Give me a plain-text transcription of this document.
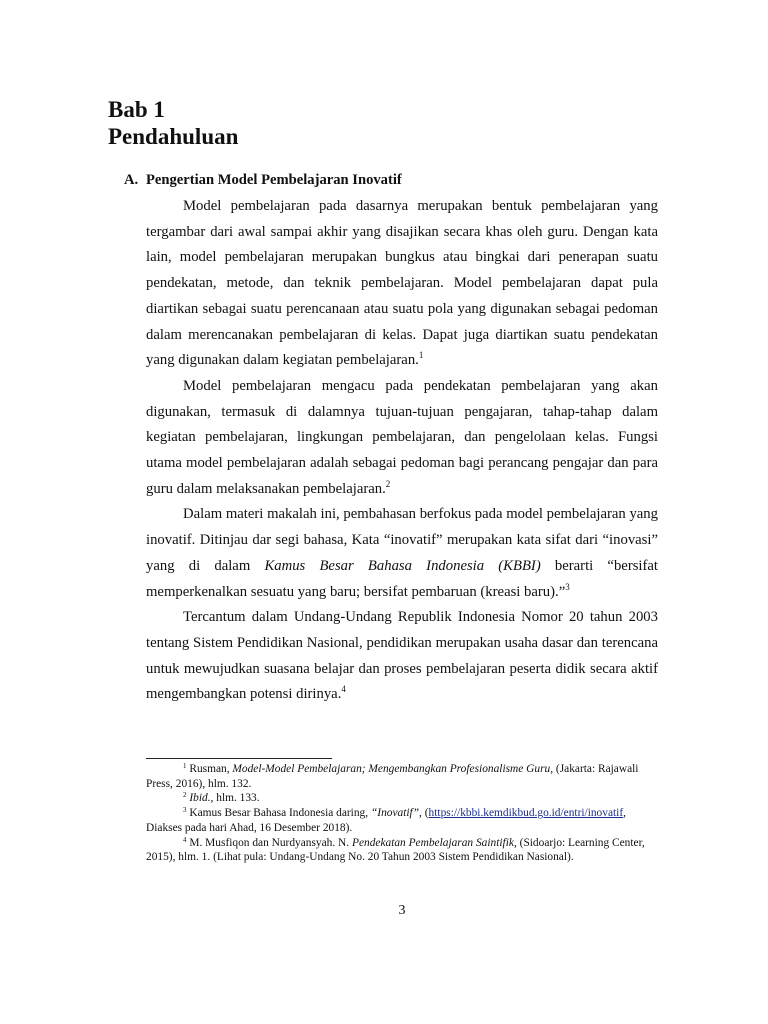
Bab 1
Pendahuluan
A. Pengertian Model Pembelajaran Inovatif

Model pembelajaran pada dasarnya merupakan bentuk pembelajaran yang tergambar dari awal sampai akhir yang disajikan secara khas oleh guru. Dengan kata lain, model pembelajaran merupakan bungkus atau bingkai dari penerapan suatu pendekatan, metode, dan teknik pembelajaran. Model pembelajaran dapat pula diartikan sebagai suatu perencanaan atau suatu pola yang digunakan sebagai pedoman dalam merencanakan pembelajaran di kelas. Dapat juga diartikan suatu pendekatan yang digunakan dalam kegiatan pembelajaran.$^1$

Model pembelajaran mengacu pada pendekatan pembelajaran yang akan digunakan, termasuk di dalamnya tujuan-tujuan pengajaran, tahap-tahap dalam kegiatan pembelajaran, lingkungan pembelajaran, dan pengelolaan kelas. Fungsi utama model pembelajaran adalah sebagai pedoman bagi perancang pengajar dan para guru dalam melaksanakan pembelajaran.$^2$

Dalam materi makalah ini, pembahasan berfokus pada model pembelajaran yang inovatif. Ditinjau dar segi bahasa, Kata “inovatif” merupakan kata sifat dari “inovasi” yang di dalam Kamus Besar Bahasa Indonesia (KBBI) berarti “bersifat memperkenalkan sesuatu yang baru; bersifat pembaruan (kreasi baru).”$^3$

Tercantum dalam Undang-Undang Republik Indonesia Nomor 20 tahun 2003 tentang Sistem Pendidikan Nasional, pendidikan merupakan usaha dasar dan terencana untuk mewujudkan suasana belajar dan proses pembelajaran peserta didik secara aktif mengembangkan potensi dirinya.$^4$

$^1$ Rusman, Model-Model Pembelajaran; Mengembangkan Profesionalisme Guru, (Jakarta: Rajawali Press, 2016), hlm. 132.

$^2$ Ibid., hlm. 133.

$^3$ Kamus Besar Bahasa Indonesia daring, “Inovatif”, (https://kbbi.kemdikbud.go.id/entri/inovatif, Diakses pada hari Ahad, 16 Desember 2018).

$^4$ M. Musfiqon dan Nurdyansyah. N. Pendekatan Pembelajaran Saintifik, (Sidoarjo: Learning Center, 2015), hlm. 1. (Lihat pula: Undang-Undang No. 20 Tahun 2003 Sistem Pendidikan Nasional).

3
